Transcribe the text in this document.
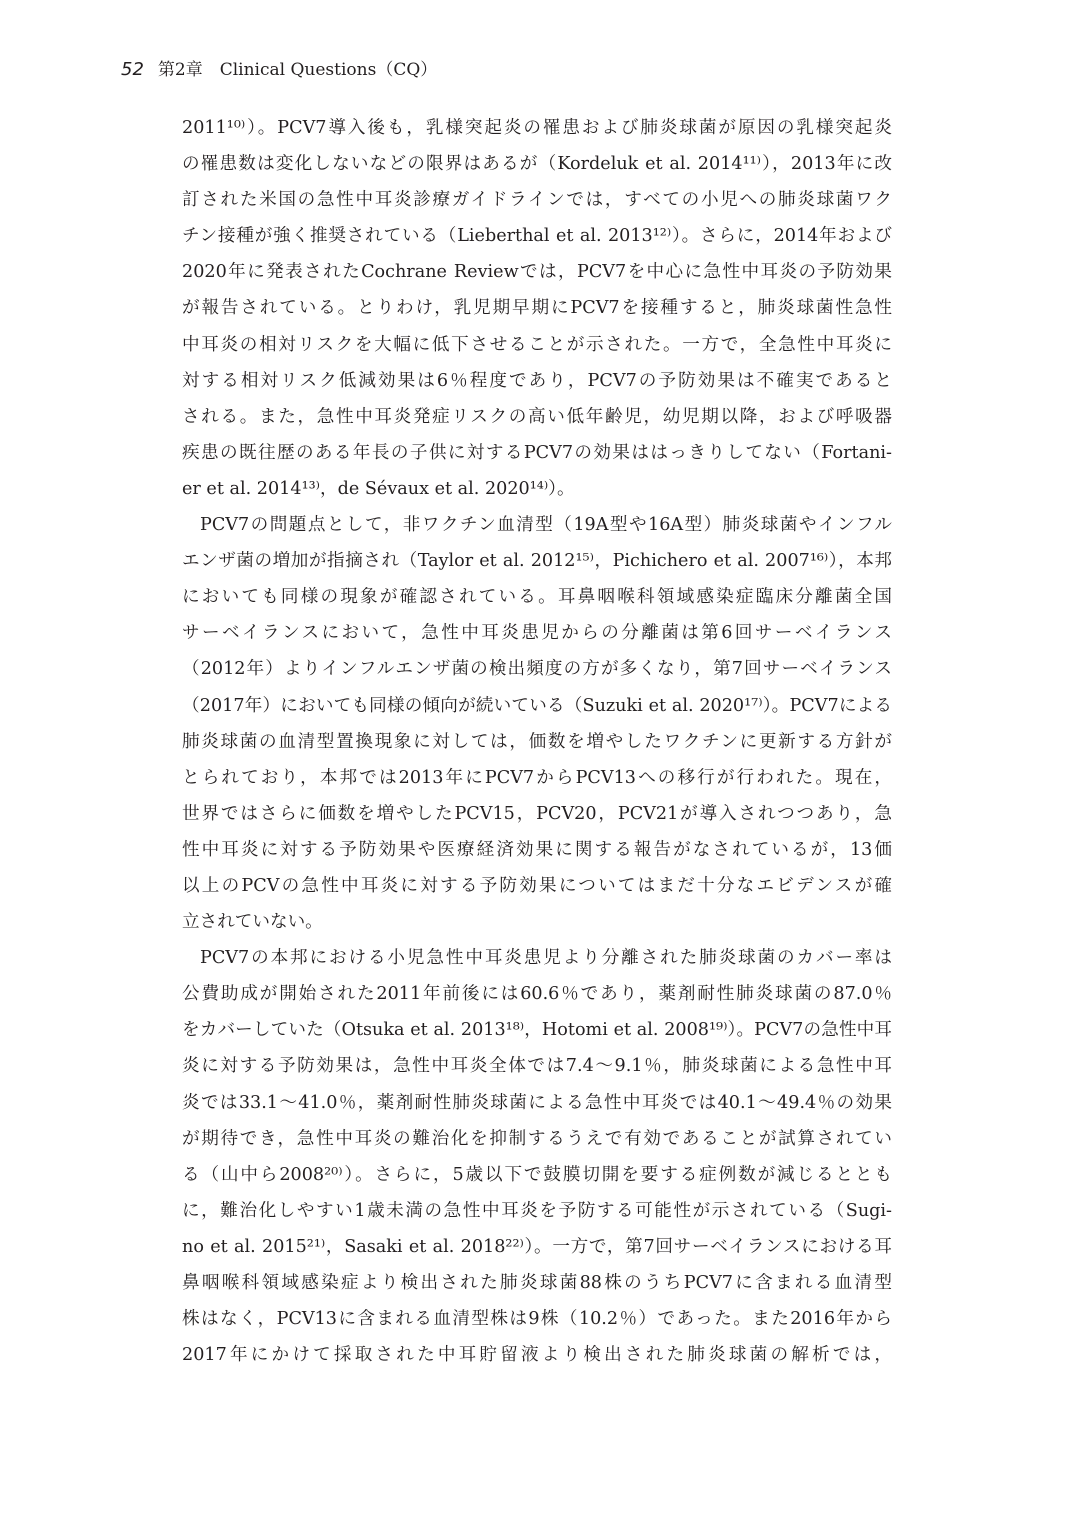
52 第2章　Clinical Questions（CQ）
2011¹⁰⁾）。PCV7導入後も，乳様突起炎の罹患および肺炎球菌が原因の乳様突起炎
の罹患数は変化しないなどの限界はあるが（Kordeluk et al. 2014¹¹⁾），2013年に改
訂された米国の急性中耳炎診療ガイドラインでは，すべての小児への肺炎球菌ワク
チン接種が強く推奨されている（Lieberthal et al. 2013¹²⁾）。さらに，2014年および
2020年に発表されたCochrane Reviewでは，PCV7を中心に急性中耳炎の予防効果
が報告されている。とりわけ，乳児期早期にPCV7を接種すると，肺炎球菌性急性
中耳炎の相対リスクを大幅に低下させることが示された。一方で，全急性中耳炎に
対する相対リスク低減効果は6％程度であり，PCV7の予防効果は不確実であると
される。また，急性中耳炎発症リスクの高い低年齢児，幼児期以降，および呼吸器
疾患の既往歴のある年長の子供に対するPCV7の効果ははっきりしてない（Fortani-
er et al. 2014¹³⁾，de Sévaux et al. 2020¹⁴⁾）。
PCV7の問題点として，非ワクチン血清型（19A型や16A型）肺炎球菌やインフル
エンザ菌の増加が指摘され（Taylor et al. 2012¹⁵⁾，Pichichero et al. 2007¹⁶⁾），本邦
においても同様の現象が確認されている。耳鼻咽喉科領域感染症臨床分離菌全国
サーベイランスにおいて，急性中耳炎患児からの分離菌は第6回サーベイランス
（2012年）よりインフルエンザ菌の検出頻度の方が多くなり，第7回サーベイランス
（2017年）においても同様の傾向が続いている（Suzuki et al. 2020¹⁷⁾）。PCV7による
肺炎球菌の血清型置換現象に対しては，価数を増やしたワクチンに更新する方針が
とられており，本邦では2013年にPCV7からPCV13への移行が行われた。現在，
世界ではさらに価数を増やしたPCV15，PCV20，PCV21が導入されつつあり，急
性中耳炎に対する予防効果や医療経済効果に関する報告がなされているが，13価
以上のPCVの急性中耳炎に対する予防効果についてはまだ十分なエビデンスが確
立されていない。
PCV7の本邦における小児急性中耳炎患児より分離された肺炎球菌のカバー率は
公費助成が開始された2011年前後には60.6％であり，薬剤耐性肺炎球菌の87.0％
をカバーしていた（Otsuka et al. 2013¹⁸⁾，Hotomi et al. 2008¹⁹⁾）。PCV7の急性中耳
炎に対する予防効果は，急性中耳炎全体では7.4～9.1％，肺炎球菌による急性中耳
炎では33.1～41.0％，薬剤耐性肺炎球菌による急性中耳炎では40.1～49.4％の効果
が期待でき，急性中耳炎の難治化を抑制するうえで有効であることが試算されてい
る（山中ら2008²⁰⁾）。さらに，5歳以下で鼓膜切開を要する症例数が減じるととも
に，難治化しやすい1歳未満の急性中耳炎を予防する可能性が示されている（Sugi-
no et al. 2015²¹⁾，Sasaki et al. 2018²²⁾）。一方で，第7回サーベイランスにおける耳
鼻咽喉科領域感染症より検出された肺炎球菌88株のうちPCV7に含まれる血清型
株はなく，PCV13に含まれる血清型株は9株（10.2％）であった。また2016年から
2017年にかけて採取された中耳貯留液より検出された肺炎球菌の解析では，
